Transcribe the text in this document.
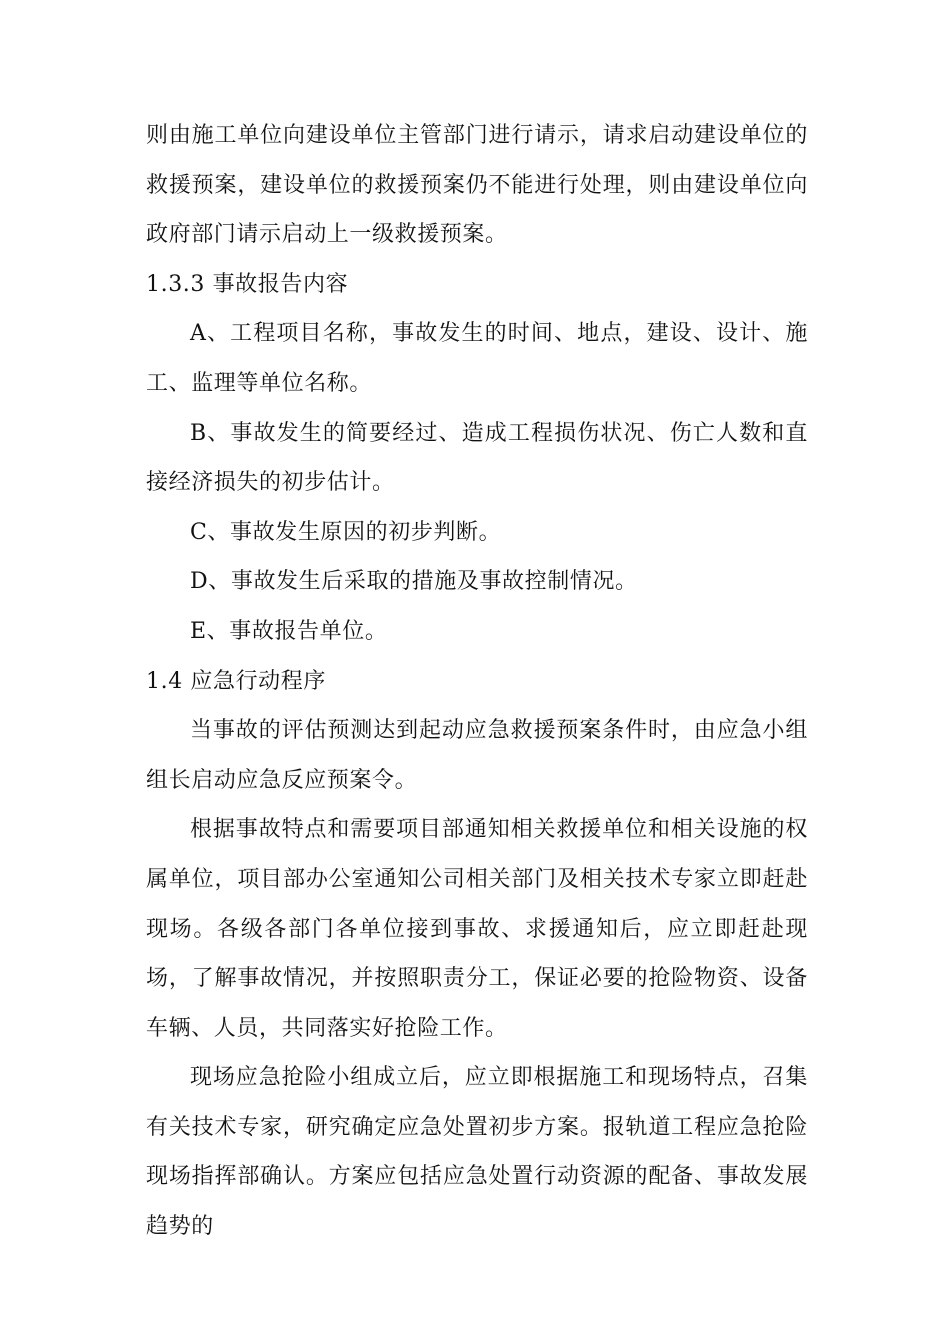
则由施工单位向建设单位主管部门进行请示，请求启动建设单位的救援预案，建设单位的救援预案仍不能进行处理，则由建设单位向政府部门请示启动上一级救援预案。

1.3.3 事故报告内容

A、工程项目名称，事故发生的时间、地点，建设、设计、施工、监理等单位名称。

B、事故发生的简要经过、造成工程损伤状况、伤亡人数和直接经济损失的初步估计。

C、事故发生原因的初步判断。

D、事故发生后采取的措施及事故控制情况。

E、事故报告单位。

1.4 应急行动程序

当事故的评估预测达到起动应急救援预案条件时，由应急小组组长启动应急反应预案令。

根据事故特点和需要项目部通知相关救援单位和相关设施的权属单位，项目部办公室通知公司相关部门及相关技术专家立即赶赴现场。各级各部门各单位接到事故、求援通知后，应立即赶赴现场，了解事故情况，并按照职责分工，保证必要的抢险物资、设备车辆、人员，共同落实好抢险工作。

现场应急抢险小组成立后，应立即根据施工和现场特点，召集有关技术专家，研究确定应急处置初步方案。报轨道工程应急抢险现场指挥部确认。方案应包括应急处置行动资源的配备、事故发展趋势的
